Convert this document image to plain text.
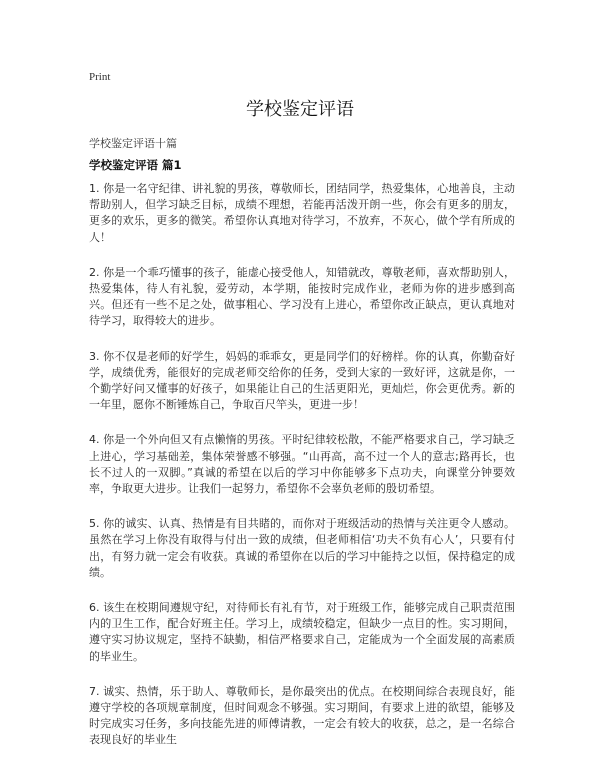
Print
学校鉴定评语
学校鉴定评语十篇
学校鉴定评语 篇1

1. 你是一名守纪律、讲礼貌的男孩，尊敬师长，团结同学，热爱集体，心地善良，主动帮助别人，但学习缺乏目标，成绩不理想，若能再活泼开朗一些，你会有更多的朋友，更多的欢乐，更多的微笑。希望你认真地对待学习，不放弃，不灰心，做个学有所成的人！

2. 你是一个乖巧懂事的孩子，能虚心接受他人，知错就改，尊敬老师，喜欢帮助别人，热爱集体，待人有礼貌，爱劳动，本学期，能按时完成作业，老师为你的进步感到高兴。但还有一些不足之处，做事粗心、学习没有上进心，希望你改正缺点，更认真地对待学习，取得较大的进步。

3. 你不仅是老师的好学生，妈妈的乖乖女，更是同学们的好榜样。你的认真，你勤奋好学，成绩优秀，能很好的完成老师交给你的任务，受到大家的一致好评，这就是你，一个勤学好问又懂事的好孩子，如果能让自己的生活更阳光，更灿烂，你会更优秀。新的一年里，愿你不断锤炼自己，争取百尺竿头，更进一步！

4. 你是一个外向但又有点懒惰的男孩。平时纪律较松散，不能严格要求自己，学习缺乏上进心，学习基础差，集体荣誉感不够强。“山再高，高不过一个人的意志;路再长，也长不过人的一双脚。”真诚的希望在以后的学习中你能够多下点功夫，向课堂分钟要效率，争取更大进步。让我们一起努力，希望你不会辜负老师的殷切希望。

5. 你的诚实、认真、热情是有目共睹的，而你对于班级活动的热情与关注更令人感动。虽然在学习上你没有取得与付出一致的成绩，但老师相信‘功夫不负有心人’，只要有付出，有努力就一定会有收获。真诚的希望你在以后的学习中能持之以恒，保持稳定的成绩。

6. 该生在校期间遵规守纪，对待师长有礼有节，对于班级工作，能够完成自己职责范围内的卫生工作，配合好班主任。学习上，成绩较稳定，但缺少一点目的性。实习期间，遵守实习协议规定，坚持不缺勤，相信严格要求自己，定能成为一个全面发展的高素质的毕业生。

7. 诚实、热情，乐于助人、尊敬师长，是你最突出的优点。在校期间综合表现良好，能遵守学校的各项规章制度，但时间观念不够强。实习期间，有要求上进的欲望，能够及时完成实习任务，多向技能先进的师傅请教，一定会有较大的收获，总之，是一名综合表现良好的毕业生
